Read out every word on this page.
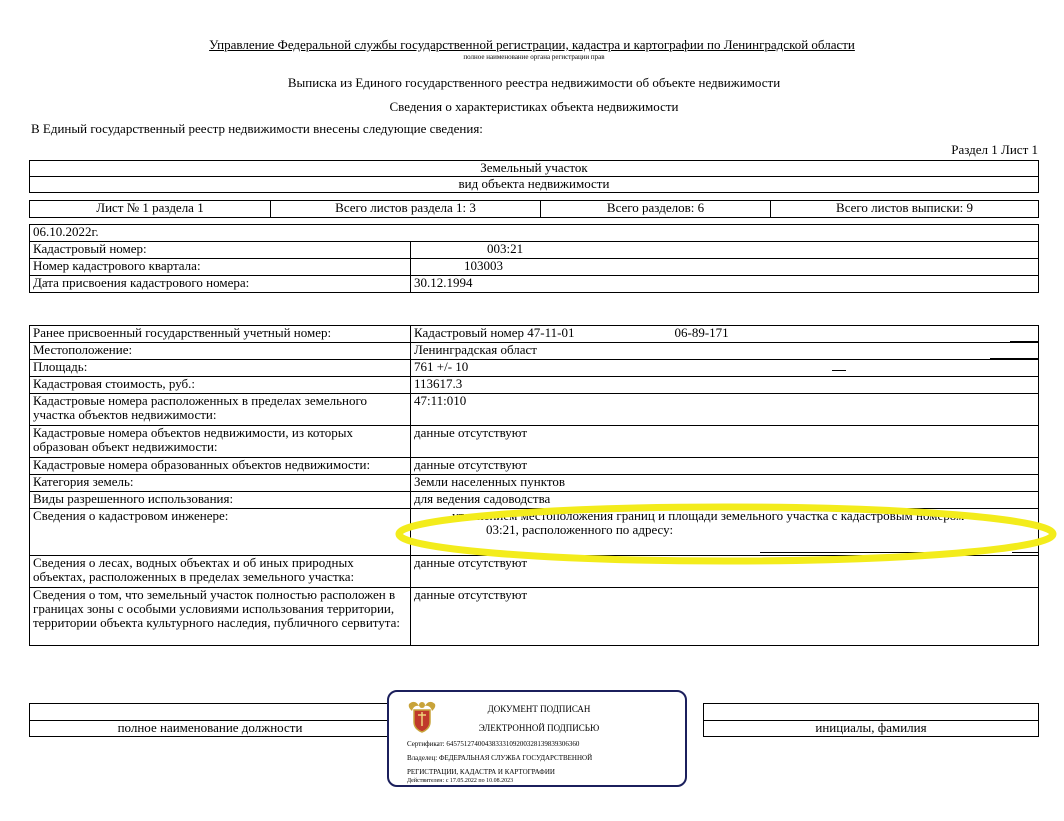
Управление Федеральной службы государственной регистрации, кадастра и картографии по Ленинградской области
полное наименование органа регистрации прав
Выписка из Единого государственного реестра недвижимости об объекте недвижимости
Сведения о характеристиках объекта недвижимости
В Единый государственный реестр недвижимости внесены следующие сведения:
Раздел 1 Лист 1
Земельный участок
вид объекта недвижимости
Лист № 1 раздела 1	Всего листов раздела 1: 3	Всего разделов: 6	Всего листов выписки: 9
06.10.2022г.
Кадастровый номер:	003:21
Номер кадастрового квартала:	103003
Дата присвоения кадастрового номера:	30.12.1994
Ранее присвоенный государственный учетный номер:	Кадастровый номер 47-11-01	06-89-171
Местоположение:	Ленинградская област
Площадь:	761 +/- 10
Кадастровая стоимость, руб.:	113617.3
Кадастровые номера расположенных в пределах земельного участка объектов недвижимости:
47:11:010
Кадастровые номера объектов недвижимости, из которых образован объект недвижимости:
данные отсутствуют
Кадастровые номера образованных объектов недвижимости:	данные отсутствуют
Категория земель:	Земли населенных пунктов
Виды разрешенного использования:	для ведения садоводства
Сведения о кадастровом инженере:	уточнением местоположения границ и площади земельного участка с кадастровым номером
03:21, расположенного по адресу:
Сведения о лесах, водных объектах и об иных природных объектах, расположенных в пределах земельного участка:
данные отсутствуют
Сведения о том, что земельный участок полностью расположен в границах зоны с особыми условиями использования территории, территории объекта культурного наследия, публичного сервитута:
данные отсутствуют
полное наименование должности	инициалы, фамилия
ДОКУМЕНТ ПОДПИСАН
ЭЛЕКТРОННОЙ ПОДПИСЬЮ
Сертификат: 6457512740043833310920032813983930636​0
Владелец: ФЕДЕРАЛЬНАЯ СЛУЖБА ГОСУДАРСТВЕННОЙ
РЕГИСТРАЦИИ, КАДАСТРА И КАРТОГРАФИИ
Действителен: с 17.05.2022 по 10.08.2023
